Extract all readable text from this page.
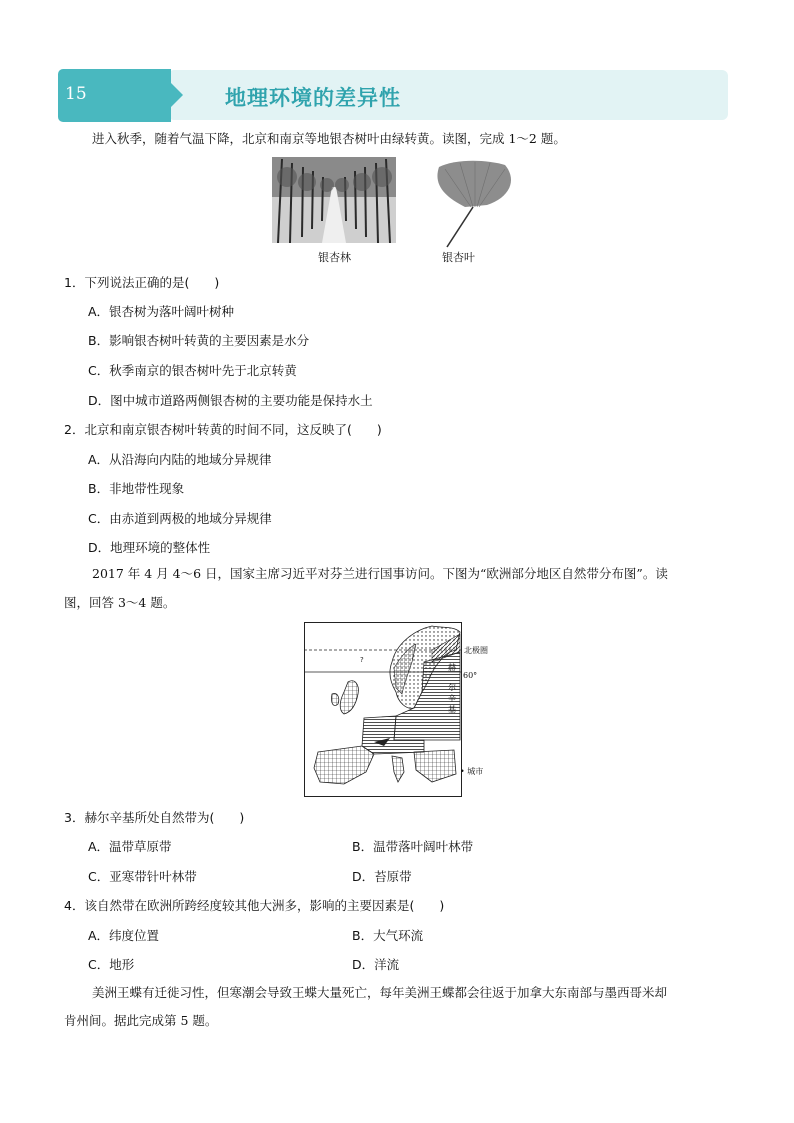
15	地理环境的差异性
进入秋季，随着气温下降，北京和南京等地银杏树叶由绿转黄。读图，完成 1～2 题。
银杏林	银杏叶
1．下列说法正确的是(　　)
A．银杏树为落叶阔叶树种
B．影响银杏树叶转黄的主要因素是水分
C．秋季南京的银杏树叶先于北京转黄
D．图中城市道路两侧银杏树的主要功能是保持水土
2．北京和南京银杏树叶转黄的时间不同，这反映了(　　)
A．从沿海向内陆的地域分异规律
B．非地带性现象
C．由赤道到两极的地域分异规律
D．地理环境的整体性
2017 年 4 月 4～6 日，国家主席习近平对芬兰进行国事访问。下图为“欧洲部分地区自然带分布图”。读
图，回答 3～4 题。
?
北极圈
赫
60°
尔
辛
基
• 城市
3．赫尔辛基所处自然带为(　　)
A．温带草原带	B．温带落叶阔叶林带
C．亚寒带针叶林带	D．苔原带
4．该自然带在欧洲所跨经度较其他大洲多，影响的主要因素是(　　)
A．纬度位置	B．大气环流
C．地形	D．洋流
美洲王蝶有迁徙习性，但寒潮会导致王蝶大量死亡，每年美洲王蝶都会往返于加拿大东南部与墨西哥米却
肯州间。据此完成第 5 题。
